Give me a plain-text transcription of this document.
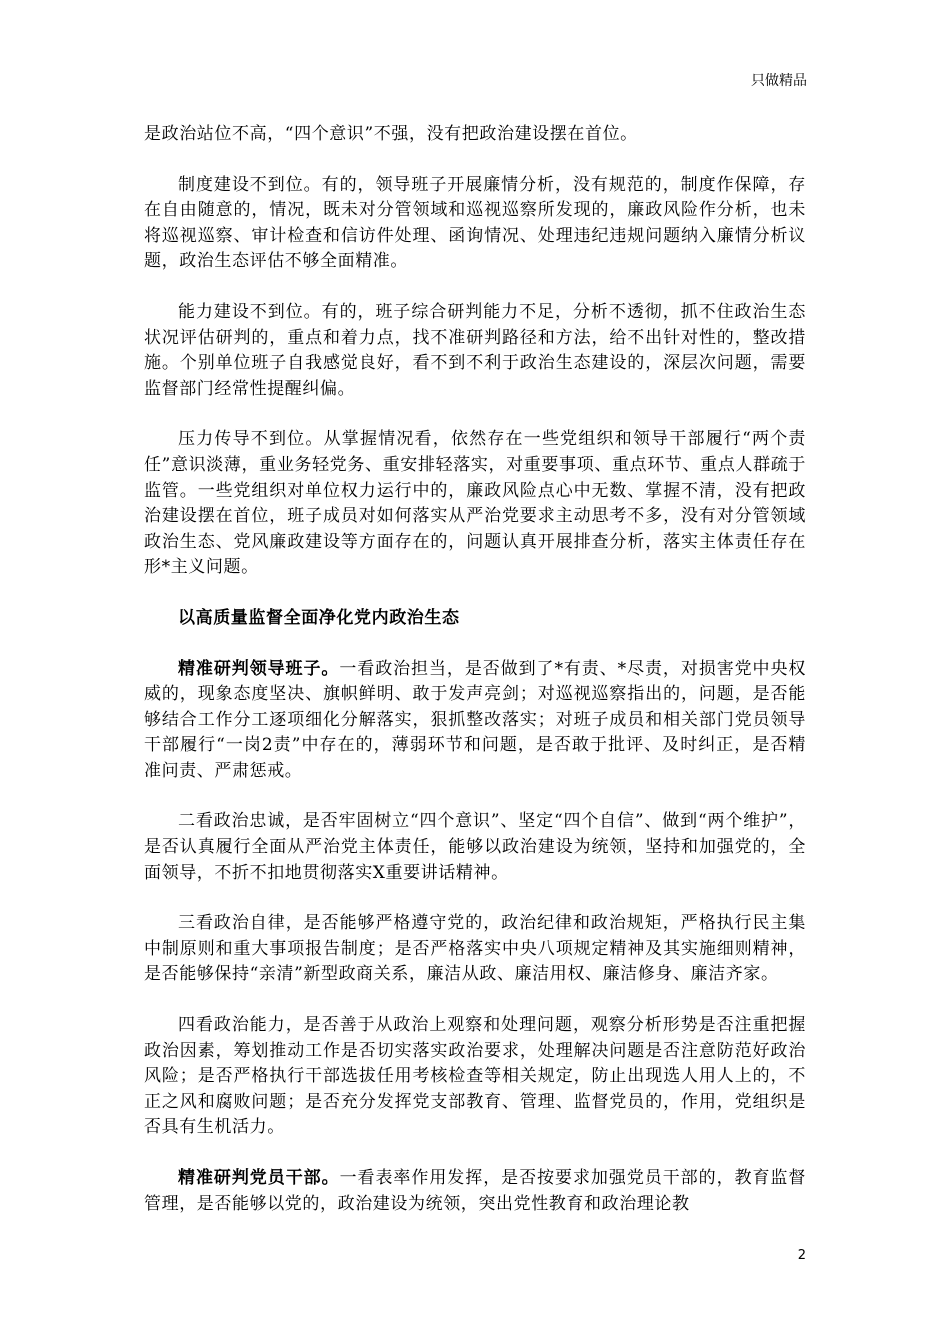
只做精品

是政治站位不高，“四个意识”不强，没有把政治建设摆在首位。

制度建设不到位。有的，领导班子开展廉情分析，没有规范的，制度作保障，存在自由随意的，情况，既未对分管领域和巡视巡察所发现的，廉政风险作分析，也未将巡视巡察、审计检查和信访件处理、函询情况、处理违纪违规问题纳入廉情分析议题，政治生态评估不够全面精准。

能力建设不到位。有的，班子综合研判能力不足，分析不透彻，抓不住政治生态状况评估研判的，重点和着力点，找不准研判路径和方法，给不出针对性的，整改措施。个别单位班子自我感觉良好，看不到不利于政治生态建设的，深层次问题，需要监督部门经常性提醒纠偏。

压力传导不到位。从掌握情况看，依然存在一些党组织和领导干部履行“两个责任”意识淡薄，重业务轻党务、重安排轻落实，对重要事项、重点环节、重点人群疏于监管。一些党组织对单位权力运行中的，廉政风险点心中无数、掌握不清，没有把政治建设摆在首位，班子成员对如何落实从严治党要求主动思考不多，没有对分管领域政治生态、党风廉政建设等方面存在的，问题认真开展排查分析，落实主体责任存在形*主义问题。

以高质量监督全面净化党内政治生态

精准研判领导班子。一看政治担当，是否做到了*有责、*尽责，对损害党中央权威的，现象态度坚决、旗帜鲜明、敢于发声亮剑；对巡视巡察指出的，问题，是否能够结合工作分工逐项细化分解落实，狠抓整改落实；对班子成员和相关部门党员领导干部履行“一岗2责”中存在的，薄弱环节和问题，是否敢于批评、及时纠正，是否精准问责、严肃惩戒。

二看政治忠诚，是否牢固树立“四个意识”、坚定“四个自信”、做到“两个维护”，是否认真履行全面从严治党主体责任，能够以政治建设为统领，坚持和加强党的，全面领导，不折不扣地贯彻落实X重要讲话精神。

三看政治自律，是否能够严格遵守党的，政治纪律和政治规矩，严格执行民主集中制原则和重大事项报告制度；是否严格落实中央八项规定精神及其实施细则精神，是否能够保持“亲清”新型政商关系，廉洁从政、廉洁用权、廉洁修身、廉洁齐家。

四看政治能力，是否善于从政治上观察和处理问题，观察分析形势是否注重把握政治因素，筹划推动工作是否切实落实政治要求，处理解决问题是否注意防范好政治风险；是否严格执行干部选拔任用考核检查等相关规定，防止出现选人用人上的，不正之风和腐败问题；是否充分发挥党支部教育、管理、监督党员的，作用，党组织是否具有生机活力。

精准研判党员干部。一看表率作用发挥，是否按要求加强党员干部的，教育监督管理，是否能够以党的，政治建设为统领，突出党性教育和政治理论教

2
